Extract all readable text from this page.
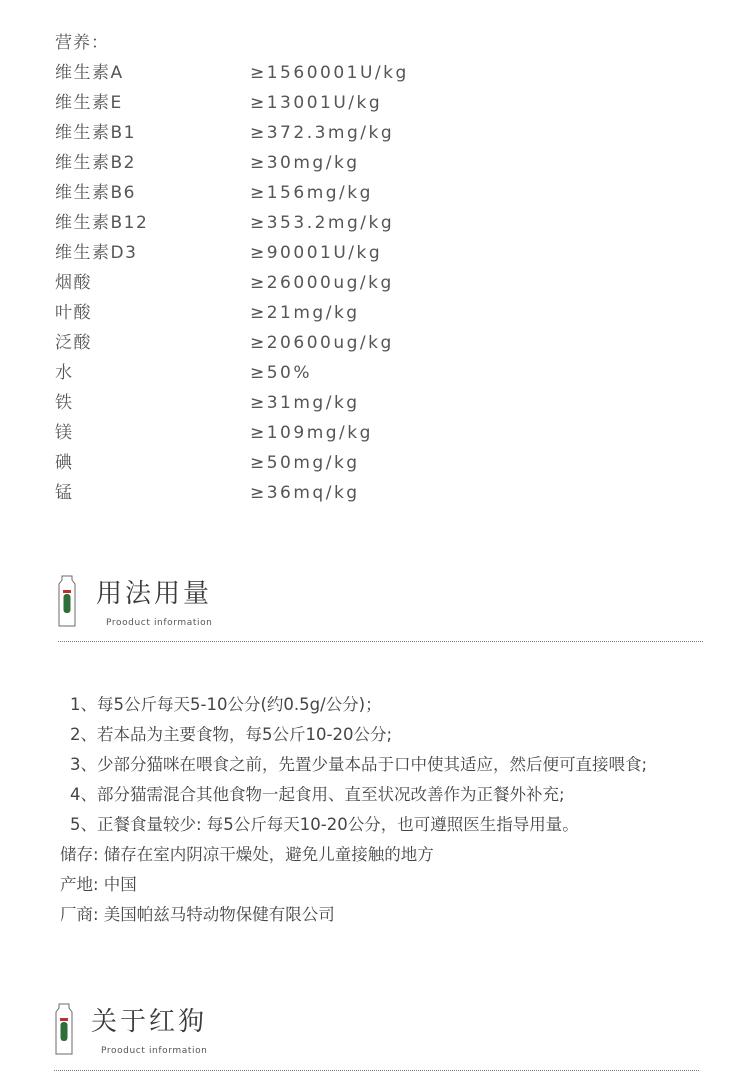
营养：
维生素A	≥1560001U/kg
维生素E	≥13001U/kg
维生素B1	≥372.3mg/kg
维生素B2	≥30mg/kg
维生素B6	≥156mg/kg
维生素B12	≥353.2mg/kg
维生素D3	≥90001U/kg
烟酸	≥26000ug/kg
叶酸	≥21mg/kg
泛酸	≥20600ug/kg
水	≥50%
铁	≥31mg/kg
镁	≥109mg/kg
碘	≥50mg/kg
锰	≥36mq/kg
用法用量
Prooduct information
1、每5公斤每天5-10公分(约0.5g/公分)；
2、若本品为主要食物，每5公斤10-20公分;
3、少部分猫咪在喂食之前，先置少量本品于口中使其适应，然后便可直接喂食;
4、部分猫需混合其他食物一起食用、直至状况改善作为正餐外补充;
5、正餐食量较少: 每5公斤每天10-20公分，也可遵照医生指导用量。
储存: 储存在室内阴凉干燥处，避免儿童接触的地方
产地: 中国
厂商: 美国帕兹马特动物保健有限公司
关于红狗
Prooduct information
